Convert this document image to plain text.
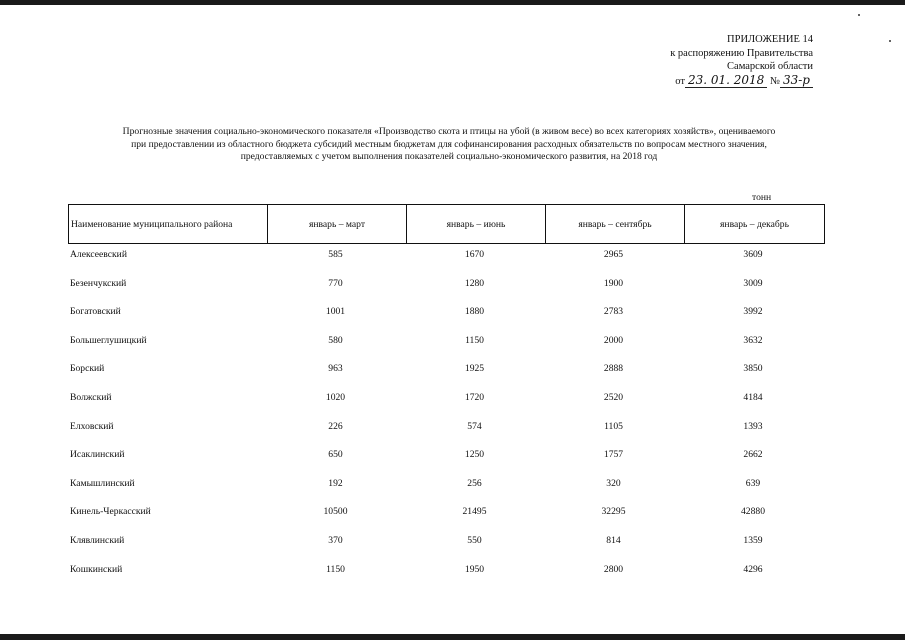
ПРИЛОЖЕНИЕ 14
к распоряжению Правительства
Самарской области
от 23. 01. 2018 № 33-р
Прогнозные значения социально-экономического показателя «Производство скота и птицы на убой (в живом весе) во всех категориях хозяйств», оцениваемого
при предоставлении из областного бюджета субсидий местным бюджетам для софинансирования расходных обязательств по вопросам местного значения,
предоставляемых с учетом выполнения показателей социально-экономического развития, на 2018 год
тонн
Наименование муниципального района	январь – март	январь – июнь	январь – сентябрь	январь – декабрь
Алексеевский	585	1670	2965	3609
Безенчукский	770	1280	1900	3009
Богатовский	1001	1880	2783	3992
Большеглушицкий	580	1150	2000	3632
Борский	963	1925	2888	3850
Волжский	1020	1720	2520	4184
Елховский	226	574	1105	1393
Исаклинский	650	1250	1757	2662
Камышлинский	192	256	320	639
Кинель-Черкасский	10500	21495	32295	42880
Клявлинский	370	550	814	1359
Кошкинский	1150	1950	2800	4296
